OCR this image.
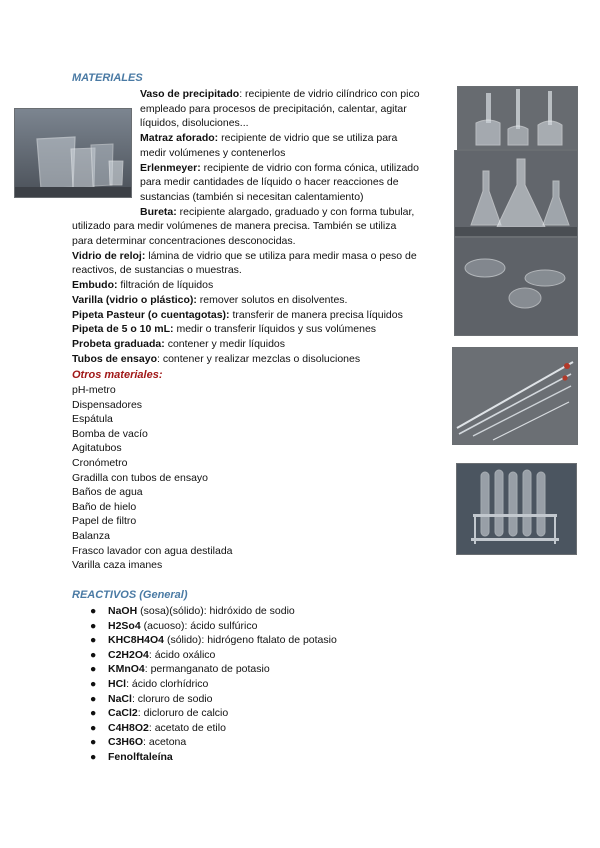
MATERIALES
Vaso de precipitado: recipiente de vidrio cilíndrico con pico
empleado para procesos de precipitación, calentar, agitar
líquidos, disoluciones...
Matraz aforado: recipiente de vidrio que se utiliza para
medir volúmenes y contenerlos
Erlenmeyer: recipiente de vidrio con forma cónica, utilizado
para medir cantidades de líquido o hacer reacciones de
sustancias (también si necesitan calentamiento)
Bureta: recipiente alargado, graduado y con forma tubular,
utilizado para medir volúmenes de manera precisa. También se utiliza
para determinar concentraciones desconocidas.
Vidrio de reloj: lámina de vidrio que se utiliza para medir masa o peso de
reactivos, de sustancias o muestras.
Embudo: filtración de líquidos
Varilla (vidrio o plástico): remover solutos en disolventes.
Pipeta Pasteur (o cuentagotas): transferir de manera precisa líquidos
Pipeta de 5 o 10 mL: medir o transferir líquidos y sus volúmenes
Probeta graduada: contener y medir líquidos
Tubos de ensayo: contener y realizar mezclas o disoluciones
Otros materiales:
pH-metro
Dispensadores
Espátula
Bomba de vacío
Agitatubos
Cronómetro
Gradilla con tubos de ensayo
Baños de agua
Baño de hielo
Papel de filtro
Balanza
Frasco lavador con agua destilada
Varilla caza imanes
REACTIVOS (General)
● NaOH (sosa)(sólido): hidróxido de sodio
● H2So4 (acuoso): ácido sulfúrico
● KHC8H4O4 (sólido): hidrógeno ftalato de potasio
● C2H2O4: ácido oxálico
● KMnO4: permanganato de potasio
● HCl: ácido clorhídrico
● NaCl: cloruro de sodio
● CaCl2: dicloruro de calcio
● C4H8O2: acetato de etilo
● C3H6O: acetona
● Fenolftaleína
